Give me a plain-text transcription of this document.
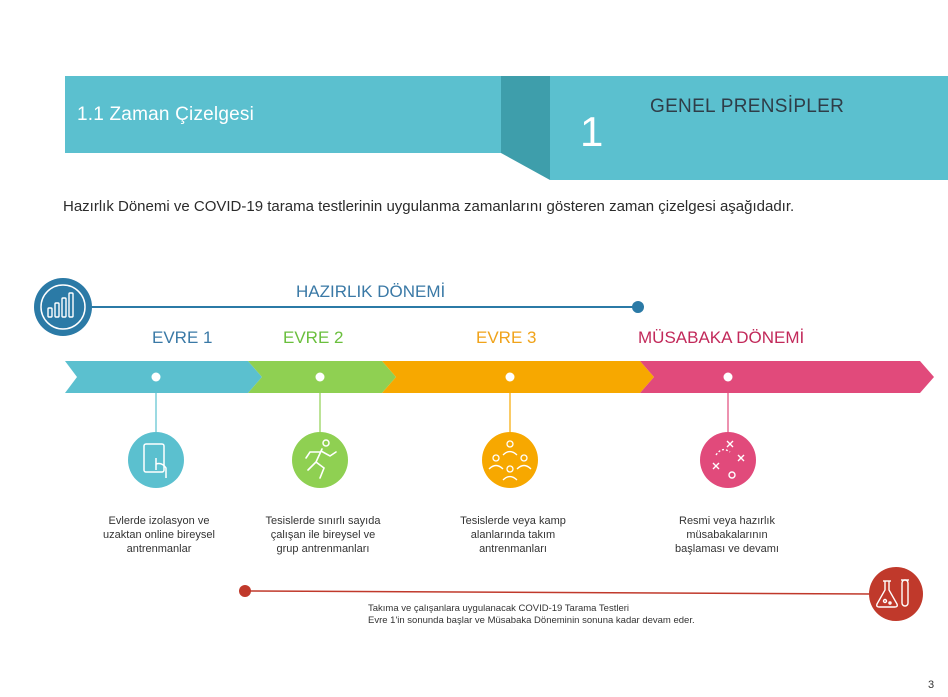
1.1 Zaman Çizelgesi	1
GENEL PRENSİPLER

Hazırlık Dönemi ve COVID-19 tarama testlerinin uygulanma zamanlarını gösteren zaman çizelgesi aşağıdadır.

HAZIRLIK DÖNEMİ
EVRE 1	EVRE 2	EVRE 3	MÜSABAKA DÖNEMİ
Evlerde izolasyon ve
uzaktan online bireysel
antrenmanlar
Tesislerde sınırlı sayıda
çalışan ile bireysel ve
grup antrenmanları
Tesislerde veya kamp
alanlarında takım
antrenmanları
Resmi veya hazırlık
müsabakalarının
başlaması ve devamı
Takıma ve çalışanlara uygulanacak COVID-19 Tarama Testleri
Evre 1'in sonunda başlar ve Müsabaka Döneminin sonuna kadar devam eder.
3
